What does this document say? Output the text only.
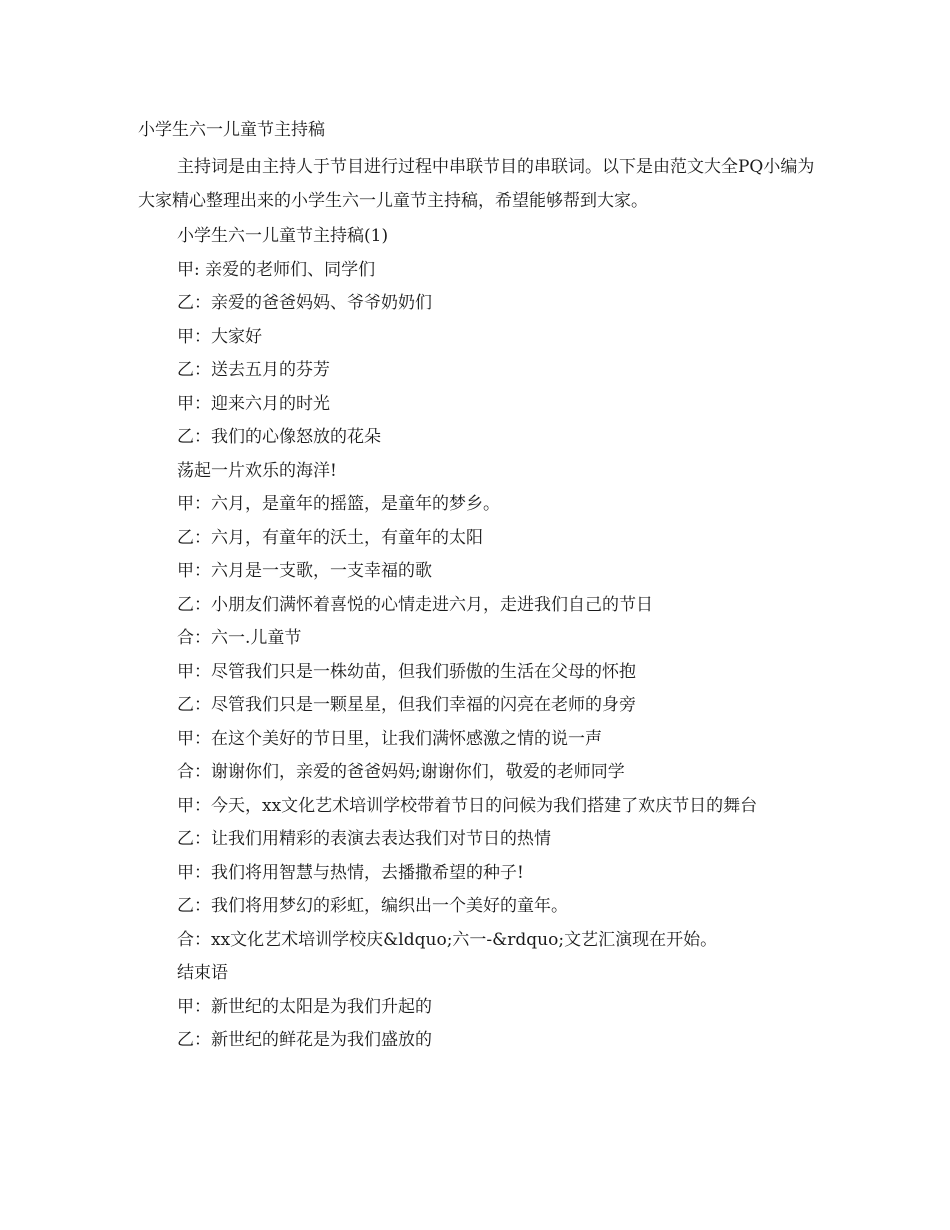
小学生六一儿童节主持稿
主持词是由主持人于节目进行过程中串联节目的串联词。以下是由范文大全PQ小编为大家精心整理出来的小学生六一儿童节主持稿，希望能够帮到大家。
小学生六一儿童节主持稿(1)
甲: 亲爱的老师们、同学们
乙：亲爱的爸爸妈妈、爷爷奶奶们
甲：大家好
乙：送去五月的芬芳
甲：迎来六月的时光
乙：我们的心像怒放的花朵
荡起一片欢乐的海洋!
甲：六月，是童年的摇篮，是童年的梦乡。
乙：六月，有童年的沃土，有童年的太阳
甲：六月是一支歌，一支幸福的歌
乙：小朋友们满怀着喜悦的心情走进六月，走进我们自己的节日
合：六一.儿童节
甲：尽管我们只是一株幼苗，但我们骄傲的生活在父母的怀抱
乙：尽管我们只是一颗星星，但我们幸福的闪亮在老师的身旁
甲：在这个美好的节日里，让我们满怀感激之情的说一声
合：谢谢你们，亲爱的爸爸妈妈;谢谢你们，敬爱的老师同学
甲：今天，xx文化艺术培训学校带着节日的问候为我们搭建了欢庆节日的舞台
乙：让我们用精彩的表演去表达我们对节日的热情
甲：我们将用智慧与热情，去播撒希望的种子!
乙：我们将用梦幻的彩虹，编织出一个美好的童年。
合：xx文化艺术培训学校庆&ldquo;六一-&rdquo;文艺汇演现在开始。
结束语
甲：新世纪的太阳是为我们升起的
乙：新世纪的鲜花是为我们盛放的
